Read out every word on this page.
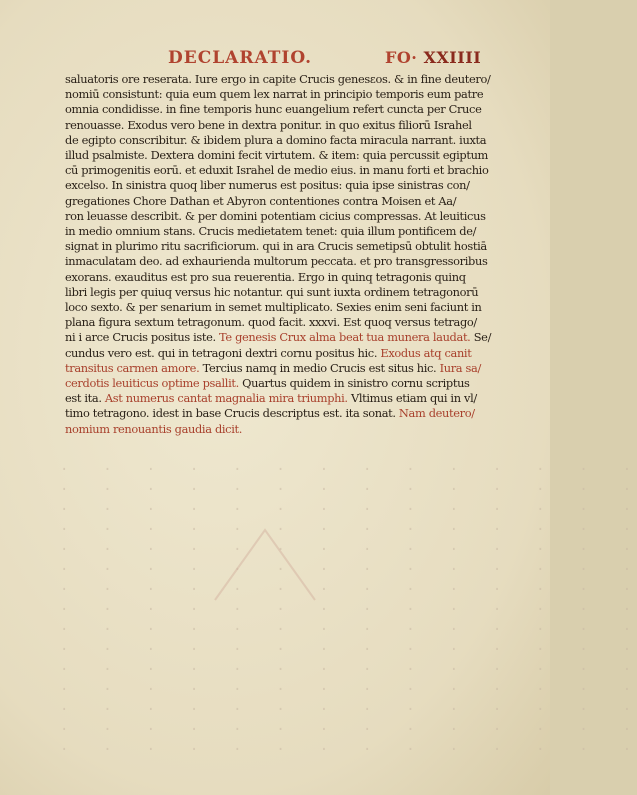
DECLARATIO.	FO· XXIIII
saluatoris ore reserata. Iure ergo in capite Crucis genesεos. & in fine deutero/
nomiū consistunt: quia eum quem lex narrat in principio temporis eum patre
omnia condidisse. in fine temporis hunc euangelium refert cuncta per Cruce
renouasse. Exodus vero bene in dextra ponitur. in quo exitus filiorū Israhel
de egipto conscribitur. & ibidem plura a domino facta miracula narrant. iuxta
illud psalmiste. Dextera domini fecit virtutem. & item: quia percussit egiptum
cū primogenitis eorū. et eduxit Israhel de medio eius. in manu forti et brachio
excelso. In sinistra quoq liber numerus est positus: quia ipse sinistras con/
gregationes Chore Dathan et Abyron contentiones contra Moisen et Aa/
ron leuasse describit. & per domini potentiam cicius compressas. At leuiticus
in medio omnium stans. Crucis medietatem tenet: quia illum pontificem de/
signat in plurimo ritu sacrificiorum. qui in ara Crucis semetipsū obtulit hostiā
inmaculatam deo. ad exhaurienda multorum peccata. et pro transgressoribus
exorans. exauditus est pro sua reuerentia. Ergo in quinq tetragonis quinq
libri legis per quiuq versus hic notantur. qui sunt iuxta ordinem tetragonorū
loco sexto. & per senarium in semet multiplicato. Sexies enim seni faciunt in
plana figura sextum tetragonum. quod facit. xxxvi. Est quoq versus tetrago/
ni i arce Crucis positus iste. Te genesis Crux alma beat tua munera laudat. Se/
cundus vero est. qui in tetragoni dextri cornu positus hic. Exodus atq canit
transitus carmen amore. Tercius namq in medio Crucis est situs hic. Iura sa/
cerdotis leuiticus optime psallit. Quartus quidem in sinistro cornu scriptus
est ita. Ast numerus cantat magnalia mira triumphi. Vltimus etiam qui in vl/
timo tetragono. idest in base Crucis descriptus est. ita sonat. Nam deutero/
nomium renouantis gaudia dicit.
·  ·  ·  ·  ·  ·  ·  ·  ·  ·  ·  ·  ·  ·
·  ·  ·  ·  ·  ·  ·  ·  ·  ·  ·  ·  ·  ·
·  ·  ·  ·  ·  ·  ·  ·  ·  ·  ·  ·  ·  ·
·  ·  ·  ·  ·  ·  ·  ·  ·  ·  ·  ·  ·  ·
·  ·  ·  ·  ·  ·  ·  ·  ·  ·  ·  ·  ·  ·
·  ·  ·  ·  ·  ·  ·  ·  ·  ·  ·  ·  ·  ·
·  ·  ·  ·  ·  ·  ·  ·  ·  ·  ·  ·  ·  ·
·  ·  ·  ·  ·  ·  ·  ·  ·  ·  ·  ·  ·  ·
·  ·  ·  ·  ·  ·  ·  ·  ·  ·  ·  ·  ·  ·
·  ·  ·  ·  ·  ·  ·  ·  ·  ·  ·  ·  ·  ·
·  ·  ·  ·  ·  ·  ·  ·  ·  ·  ·  ·  ·  ·
·  ·  ·  ·  ·  ·  ·  ·  ·  ·  ·  ·  ·  ·
·  ·  ·  ·  ·  ·  ·  ·  ·  ·  ·  ·  ·  ·
·  ·  ·  ·  ·  ·  ·  ·  ·  ·  ·  ·  ·  ·
·  ·  ·  ·  ·  ·  ·  ·  ·  ·  ·  ·  ·  ·
